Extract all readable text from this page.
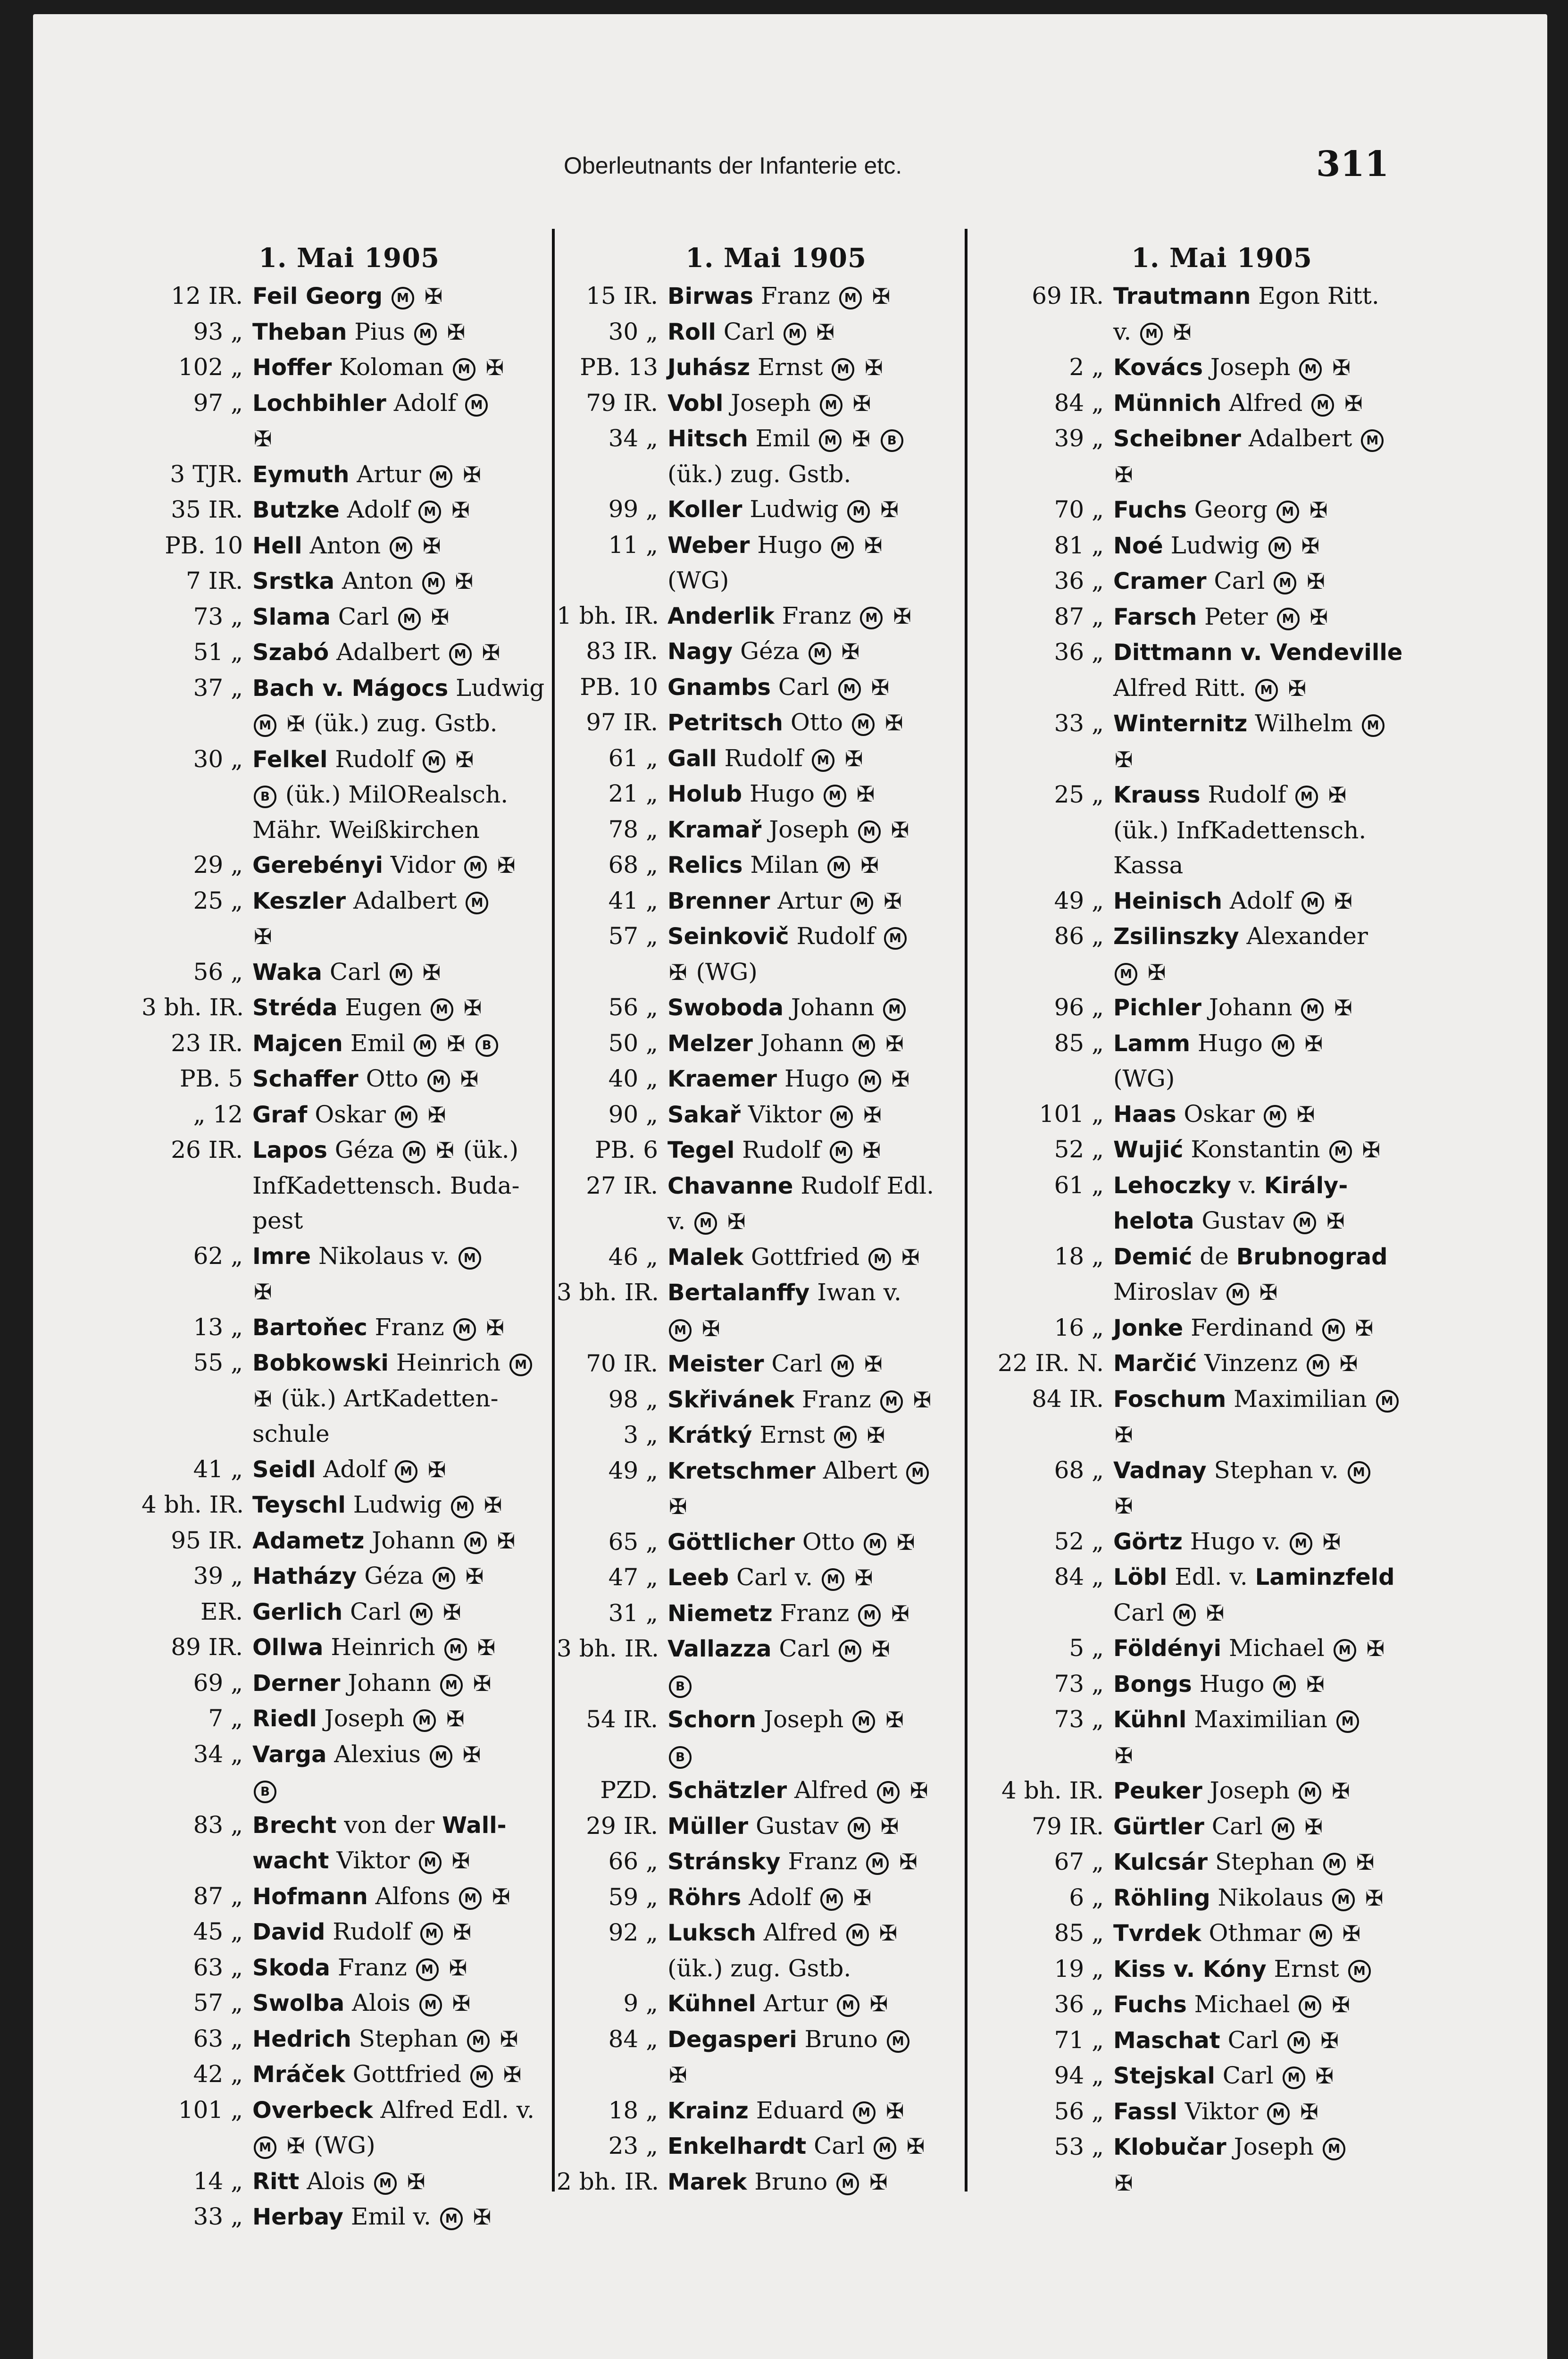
Oberleutnants der Infanterie etc.	311
1. Mai 1905
12 IR. Feil Georg M ✠
93 „ Theban Pius M ✠
102 „ Hoffer Koloman M ✠
97 „ Lochbihler Adolf M
✠
3 TJR. Eymuth Artur M ✠
35 IR. Butzke Adolf M ✠
PB. 10 Hell Anton M ✠
7 IR. Srstka Anton M ✠
73 „ Slama Carl M ✠
51 „ Szabó Adalbert M ✠
37 „ Bach v. Mágocs Ludwig
M ✠ (ük.) zug. Gstb.
30 „ Felkel Rudolf M ✠
B (ük.) MilORealsch.
Mähr. Weißkirchen
29 „ Gerebényi Vidor M ✠
25 „ Keszler Adalbert M
✠
56 „ Waka Carl M ✠
3 bh. IR. Stréda Eugen M ✠
23 IR. Majcen Emil M ✠ B
PB. 5 Schaffer Otto M ✠
„ 12 Graf Oskar M ✠
26 IR. Lapos Géza M ✠ (ük.)
InfKadettensch. Buda-
pest
62 „ Imre Nikolaus v. M
✠
13 „ Bartoňec Franz M ✠
55 „ Bobkowski Heinrich M
✠ (ük.) ArtKadetten-
schule
41 „ Seidl Adolf M ✠
4 bh. IR. Teyschl Ludwig M ✠
95 IR. Adametz Johann M ✠
39 „ Hatházy Géza M ✠
ER. Gerlich Carl M ✠
89 IR. Ollwa Heinrich M ✠
69 „ Derner Johann M ✠
7 „ Riedl Joseph M ✠
34 „ Varga Alexius M ✠
B
83 „ Brecht von der Wall-
wacht Viktor M ✠
87 „ Hofmann Alfons M ✠
45 „ David Rudolf M ✠
63 „ Skoda Franz M ✠
57 „ Swolba Alois M ✠
63 „ Hedrich Stephan M ✠
42 „ Mráček Gottfried M ✠
101 „ Overbeck Alfred Edl. v.
M ✠ (WG)
14 „ Ritt Alois M ✠
33 „ Herbay Emil v. M ✠
1. Mai 1905
15 IR. Birwas Franz M ✠
30 „ Roll Carl M ✠
PB. 13 Juhász Ernst M ✠
79 IR. Vobl Joseph M ✠
34 „ Hitsch Emil M ✠ B
(ük.) zug. Gstb.
99 „ Koller Ludwig M ✠
11 „ Weber Hugo M ✠
(WG)
1 bh. IR. Anderlik Franz M ✠
83 IR. Nagy Géza M ✠
PB. 10 Gnambs Carl M ✠
97 IR. Petritsch Otto M ✠
61 „ Gall Rudolf M ✠
21 „ Holub Hugo M ✠
78 „ Kramař Joseph M ✠
68 „ Relics Milan M ✠
41 „ Brenner Artur M ✠
57 „ Seinkovič Rudolf M
✠ (WG)
56 „ Swoboda Johann M
50 „ Melzer Johann M ✠
40 „ Kraemer Hugo M ✠
90 „ Sakař Viktor M ✠
PB. 6 Tegel Rudolf M ✠
27 IR. Chavanne Rudolf Edl.
v. M ✠
46 „ Malek Gottfried M ✠
3 bh. IR. Bertalanffy Iwan v.
M ✠
70 IR. Meister Carl M ✠
98 „ Skřivánek Franz M ✠
3 „ Krátký Ernst M ✠
49 „ Kretschmer Albert M
✠
65 „ Göttlicher Otto M ✠
47 „ Leeb Carl v. M ✠
31 „ Niemetz Franz M ✠
3 bh. IR. Vallazza Carl M ✠
B
54 IR. Schorn Joseph M ✠
B
PZD. Schätzler Alfred M ✠
29 IR. Müller Gustav M ✠
66 „ Stránsky Franz M ✠
59 „ Röhrs Adolf M ✠
92 „ Luksch Alfred M ✠
(ük.) zug. Gstb.
9 „ Kühnel Artur M ✠
84 „ Degasperi Bruno M
✠
18 „ Krainz Eduard M ✠
23 „ Enkelhardt Carl M ✠
2 bh. IR. Marek Bruno M ✠
1. Mai 1905
69 IR. Trautmann Egon Ritt.
v. M ✠
2 „ Kovács Joseph M ✠
84 „ Münnich Alfred M ✠
39 „ Scheibner Adalbert M
✠
70 „ Fuchs Georg M ✠
81 „ Noé Ludwig M ✠
36 „ Cramer Carl M ✠
87 „ Farsch Peter M ✠
36 „ Dittmann v. Vendeville
Alfred Ritt. M ✠
33 „ Winternitz Wilhelm M
✠
25 „ Krauss Rudolf M ✠
(ük.) InfKadettensch.
Kassa
49 „ Heinisch Adolf M ✠
86 „ Zsilinszky Alexander
M ✠
96 „ Pichler Johann M ✠
85 „ Lamm Hugo M ✠
(WG)
101 „ Haas Oskar M ✠
52 „ Wujić Konstantin M ✠
61 „ Lehoczky v. Király-
helota Gustav M ✠
18 „ Demić de Brubnograd
Miroslav M ✠
16 „ Jonke Ferdinand M ✠
22 IR. N. Marčić Vinzenz M ✠
84 IR. Foschum Maximilian M
✠
68 „ Vadnay Stephan v. M
✠
52 „ Görtz Hugo v. M ✠
84 „ Löbl Edl. v. Laminzfeld
Carl M ✠
5 „ Földényi Michael M ✠
73 „ Bongs Hugo M ✠
73 „ Kühnl Maximilian M
✠
4 bh. IR. Peuker Joseph M ✠
79 IR. Gürtler Carl M ✠
67 „ Kulcsár Stephan M ✠
6 „ Röhling Nikolaus M ✠
85 „ Tvrdek Othmar M ✠
19 „ Kiss v. Kóny Ernst M
36 „ Fuchs Michael M ✠
71 „ Maschat Carl M ✠
94 „ Stejskal Carl M ✠
56 „ Fassl Viktor M ✠
53 „ Klobučar Joseph M
✠
